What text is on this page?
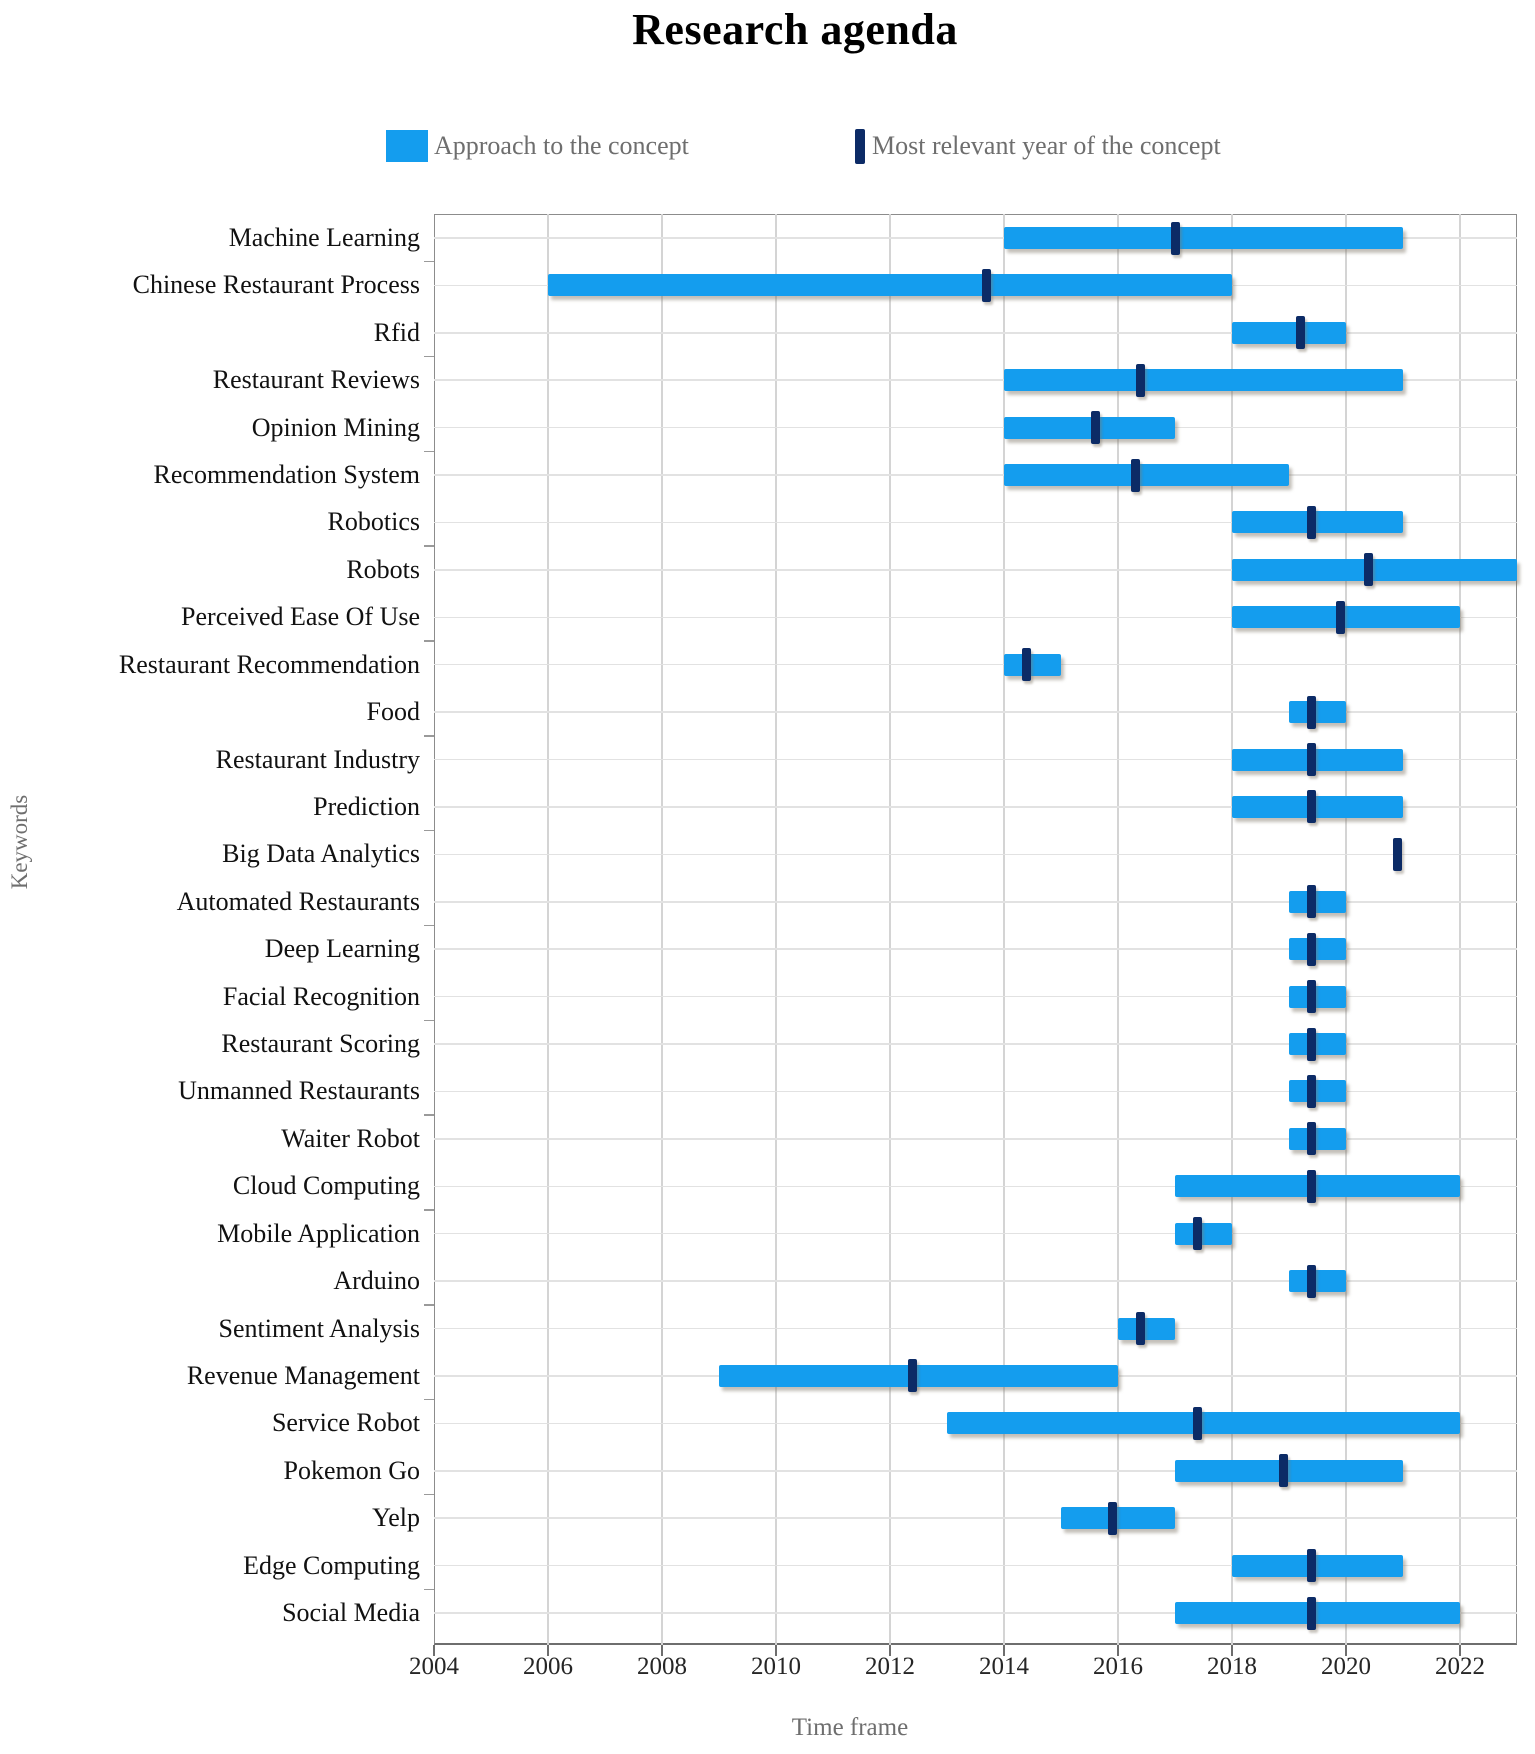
Research agenda
Approach to the concept	Most relevant year of the concept
2004	2006	2008	2010	2012	2014	2016	2018	2020	2022
Machine Learning
Chinese Restaurant Process
Rfid
Restaurant Reviews
Opinion Mining
Recommendation System
Robotics
Robots
Perceived Ease Of Use
Restaurant Recommendation
Food
Restaurant Industry
Prediction
Big Data Analytics
Automated Restaurants
Deep Learning
Facial Recognition
Restaurant Scoring
Unmanned Restaurants
Waiter Robot
Cloud Computing
Mobile Application
Arduino
Sentiment Analysis
Revenue Management
Service Robot
Pokemon Go
Yelp
Edge Computing
Social Media
Time frame
Keywords
